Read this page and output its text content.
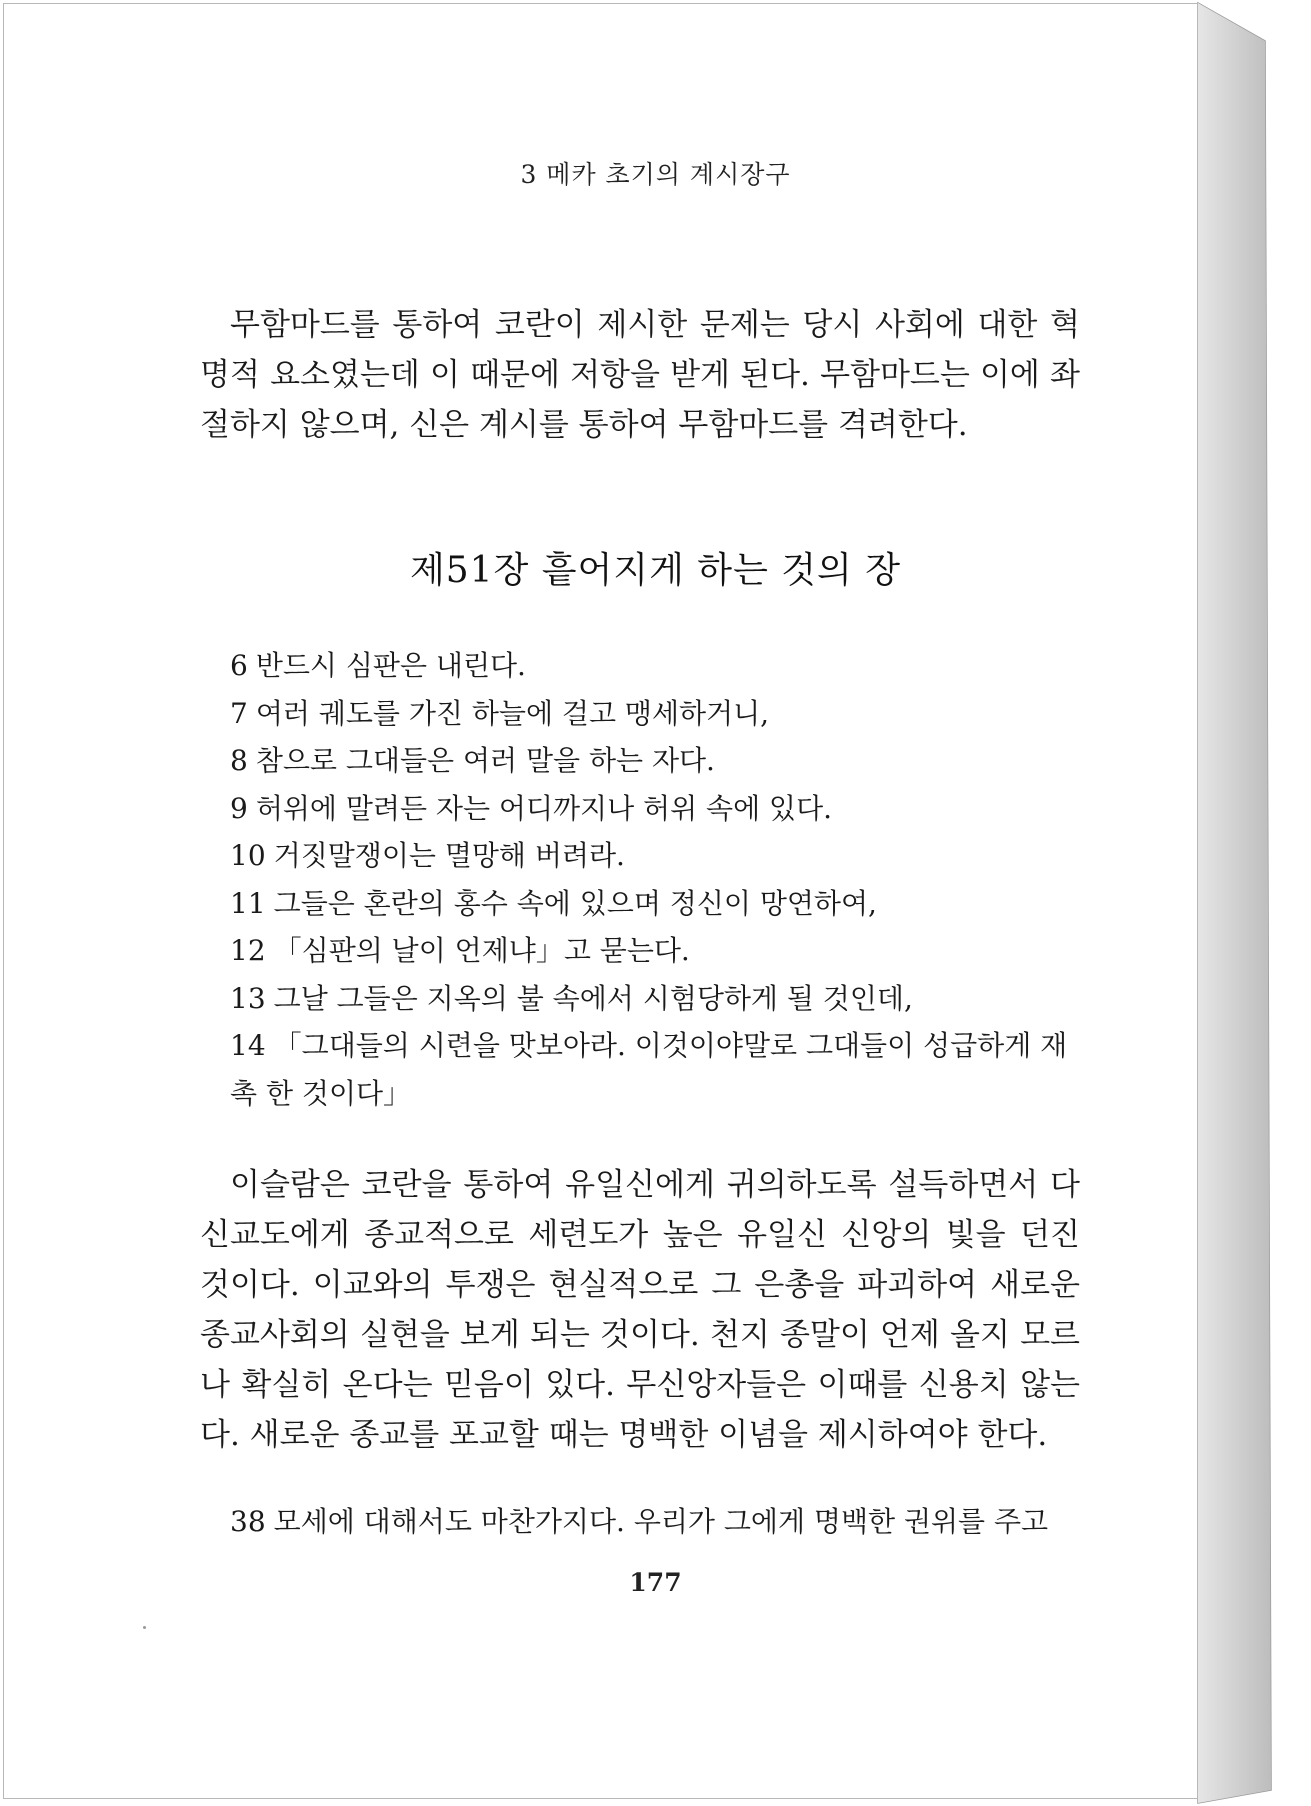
3 메카 초기의 계시장구
무함마드를 통하여 코란이 제시한 문제는 당시 사회에 대한 혁명적 요소였는데 이 때문에 저항을 받게 된다. 무함마드는 이에 좌절하지 않으며, 신은 계시를 통하여 무함마드를 격려한다.
제51장 흩어지게 하는 것의 장
6 반드시 심판은 내린다.
7 여러 궤도를 가진 하늘에 걸고 맹세하거니,
8 참으로 그대들은 여러 말을 하는 자다.
9 허위에 말려든 자는 어디까지나 허위 속에 있다.
10 거짓말쟁이는 멸망해 버려라.
11 그들은 혼란의 홍수 속에 있으며 정신이 망연하여,
12 「심판의 날이 언제냐」고 묻는다.
13 그날 그들은 지옥의 불 속에서 시험당하게 될 것인데,
14 「그대들의 시련을 맛보아라. 이것이야말로 그대들이 성급하게 재촉 한 것이다」
이슬람은 코란을 통하여 유일신에게 귀의하도록 설득하면서 다신교도에게 종교적으로 세련도가 높은 유일신 신앙의 빛을 던진 것이다. 이교와의 투쟁은 현실적으로 그 은총을 파괴하여 새로운 종교사회의 실현을 보게 되는 것이다. 천지 종말이 언제 올지 모르나 확실히 온다는 믿음이 있다. 무신앙자들은 이때를 신용치 않는다. 새로운 종교를 포교할 때는 명백한 이념을 제시하여야 한다.
38 모세에 대해서도 마찬가지다. 우리가 그에게 명백한 권위를 주고
177
